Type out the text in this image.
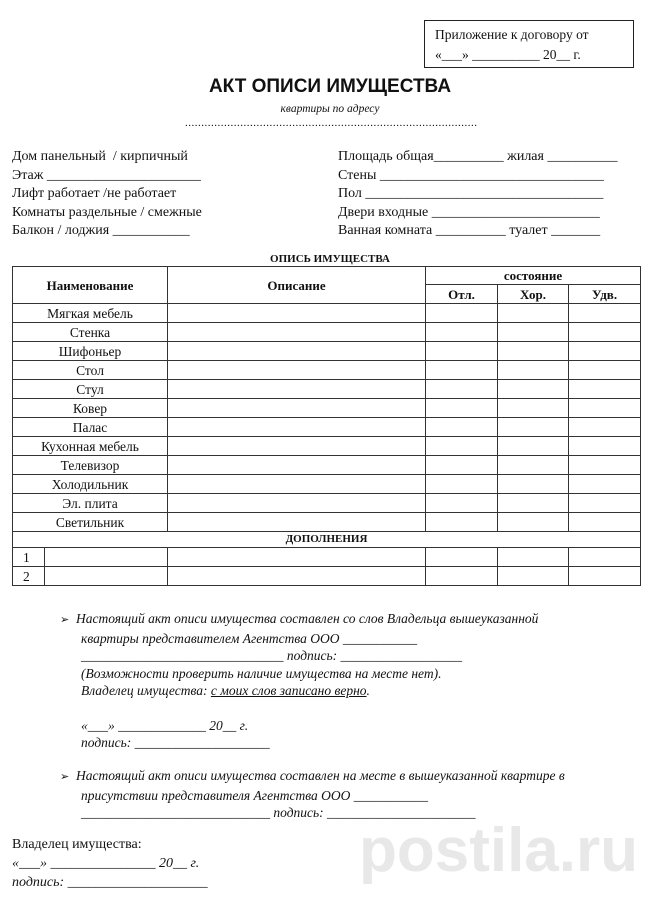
Приложение к договору от
«___» __________ 20__ г.
АКТ ОПИСИ ИМУЩЕСТВА
квартиры по адресу
..........................................................................................
Дом панельный  / кирпичный
Этаж ______________________
Лифт работает /не работает
Комнаты раздельные / смежные
Балкон / лоджия ___________
Площадь общая__________ жилая __________
Стены ________________________________
Пол __________________________________
Двери входные ________________________
Ванная комната __________ туалет _______
ОПИСЬ ИМУЩЕСТВА
Наименование		Описание	состояние		
			Отл.	Хор.	Удв.
Мягкая мебель					
Стенка					
Шифоньер					
Стол					
Стул					
Ковер					
Палас					
Кухонная мебель					
Телевизор					
Холодильник					
Эл. плита					
Светильник					
ДОПОЛНЕНИЯ					
1					
2					
➢ Настоящий акт описи имущества составлен со слов Владельца вышеуказанной
квартиры представителем Агентства ООО ___________
______________________________ подпись: __________________
(Возможности проверить наличие имущества на месте нет).
Владелец имущества: с моих слов записано верно.
«___» _____________ 20__ г.
подпись: ____________________
➢ Настоящий акт описи имущества составлен на месте в вышеуказанной квартире в
присутствии представителя Агентства ООО ___________
____________________________ подпись: ______________________
Владелец имущества:
«___» _______________ 20__ г.
подпись: ____________________ postila.ru
